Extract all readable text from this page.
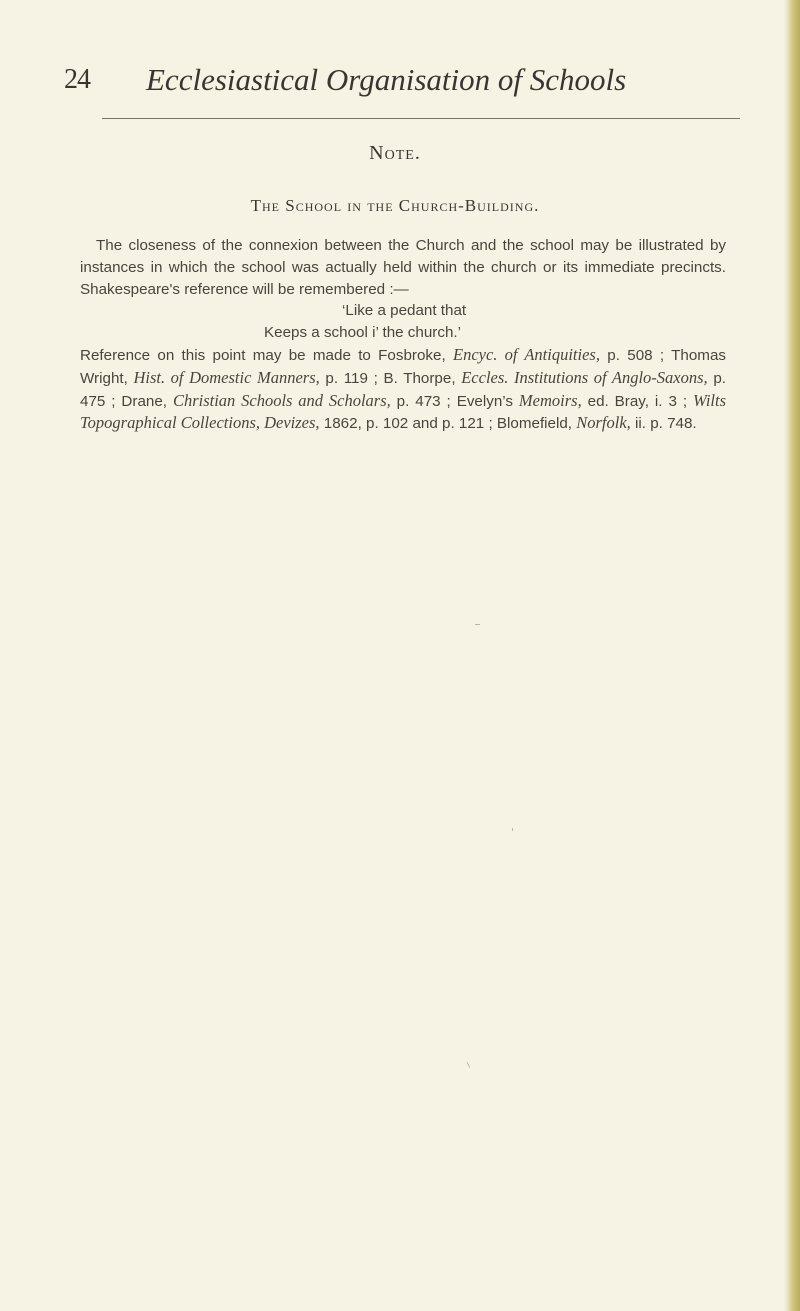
24 Ecclesiastical Organisation of Schools
Note.
The School in the Church-Building.

The closeness of the connexion between the Church and the school may be illustrated by instances in which the school was actually held within the church or its immediate precincts. Shakespeare's reference will be remembered :—

‘Like a pedant that
Keeps a school i’ the church.’

Reference on this point may be made to Fosbroke, Encyc. of Antiquities, p. 508 ; Thomas Wright, Hist. of Domestic Manners, p. 119 ; B. Thorpe, Eccles. Institutions of Anglo-Saxons, p. 475 ; Drane, Christian Schools and Scholars, p. 473 ; Evelyn’s Memoirs, ed. Bray, i. 3 ; Wilts Topographical Collections, Devizes, 1862, p. 102 and p. 121 ; Blomefield, Norfolk, ii. p. 748.
